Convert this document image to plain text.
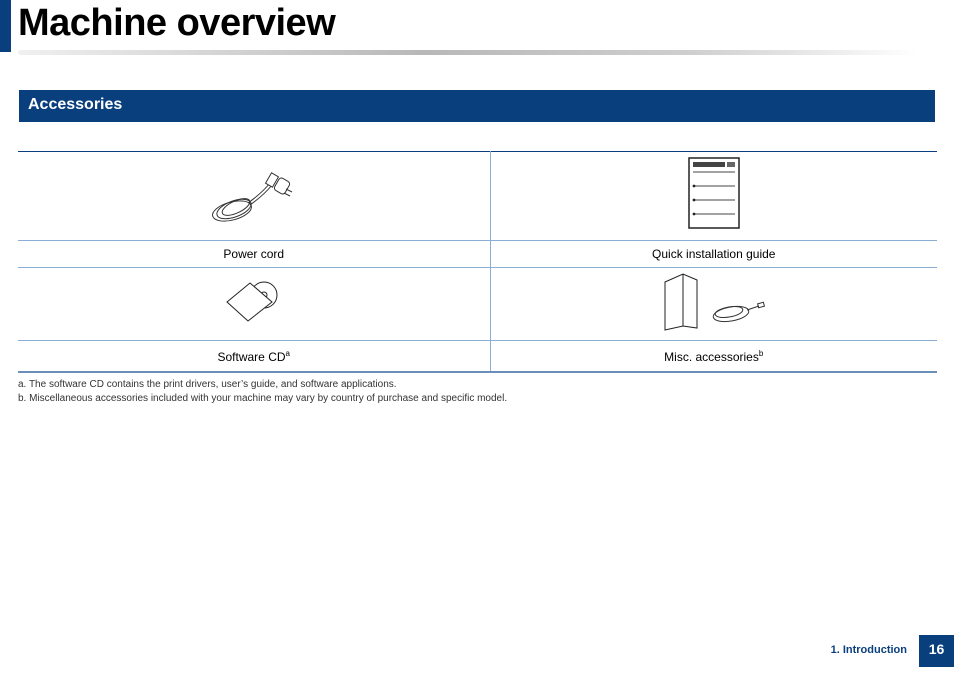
Machine overview
Accessories

Power cord	Quick installation guide

Software $CD^a$	Misc. accessories$^b$

a. The software CD contains the print drivers, user’s guide, and software applications.

b. Miscellaneous accessories included with your machine may vary by country of purchase and specific model.

1. Introduction	16
